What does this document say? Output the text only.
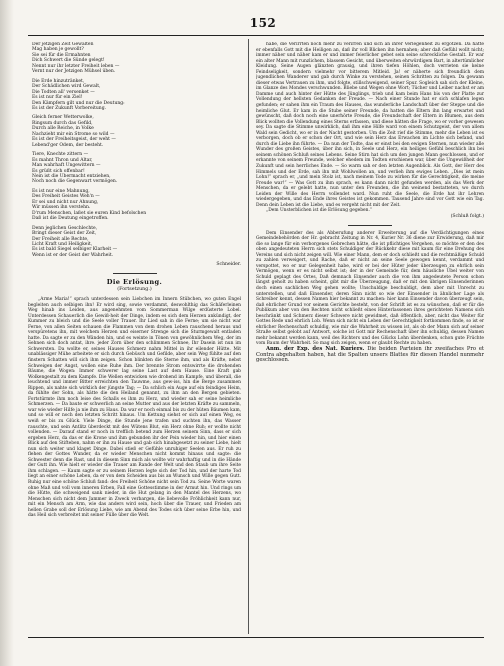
152
Der jetzigen Zeit Gewalten
Mag haben je gewollt?
Sie sei für die Ermahnten
Dich Schwert die Sünde gelegt!
Nennt nur ihr letzter Freiheit leben —
Vernt nur der Jetzigen Mühsel üben.
Die Erde hinzutränket,
Der Schädlichen wird Gewalt,
Die Todten all' versenket —
Es ist nur für ein Ziel!
Den Kämpfern gilt und nur die Deutung:
Es ist der Zukunft Vorbereitung.
Gleich ferner Wetterwolke,
Ringsum durch das Gefild,
Durch alle Reiche, in Volke
Nachzieht mir ein Strome so wild —
Es ist der Freiheitsgeist, der weht —
Lebend'ger Odem, der besteht.
Tiere, Knechte zittern —
Es mahnt Thron und Altar,
Man wahrhaft Ungewittern —
Es grüßt sich offenbar!
Nein ist die Ubermacht entziehen,
Noch noch die Gegenwart vermögen.
Es ist nur eine Mahnung,
Des Freiheit Geistes Weh'n —
Er sei und nicht nur Ahnung,
Wir müssen ihn verstehn.
D'rum Menschen, laßet sie euren Kind befolschen
Daß ist die Deutung eingetroffen.
Denn jeglichen Geschlechte,
Bringt dieser Geist der Zeit,
Der Freiheit alle Rechte,
Licht Kraft und Heiligkeit,
Es ist bald Siegel selbiger Klarheit —
Wenn ist er der Geist der Wahrheit.
Schneider.
Die Erlösung.
(Fortsetzung.)

„Arme Maria!“ sprach unterdessen sein Liebchen im Innern Stübchen, wo guten Engel begleiten auch selbigen ihn! Er wird sing, sowie verdammt, deswohlthig das Schäferleinen Weg hinab ins Leiden, aus angenehmten vom Sommerman Wilge erdüsterte Lobel. Unterdessen Schauerlich die Gewiß-heit der Dinge, indem es sich dem Herzen ankündigt, der Kummer zu bleich und die Seele voller Trauer. Ihr Lied sah in die Ferne; um sie nicht war Ferne, von allen Seiten schauen die Flammen von dem drohen Leben rauschend heraus und verspüretens ihn, mit welchem Herzen und eiserner Strenge sich die Sturmgewalt entladen hatte. Da sagte er zu den Wänden hin, und es weinte in Tönen von gewöhnlichem Weg, der im Sehnen sich doch antat, ihre. jeder Zorn über den schlimmen Schnee, Ihr Dasein ist nun im Schwersten. Da wollte er, seines Hauses Schmerz nahm Mittel in ihr eilender Hütte. Mit unablässiger Mühe arbeitete er sich durch Gebüsch und Gefilde, aber sein Weg fühlte auf den finstern Schatten will sich ihm zeigen. Schon blinkten die Sterne ihm, und als Kräfte, nebst Schweigen der Angst, wollen eine Ruhe ihm. Der brennte Strom entswirrte die drohenden Bäume, die Wogen: Immer schwerer lag seine Last auf dem Hause. Eine Kraft gab Wolkengestalt zu dem Kampfe. Die Wellen entwicken wie drohend im Kampfe, und überall, die leuchtend und immer Bitter erreichten den Tauwme, aus gew-iss, hin die Berge zusammen Rippen, als nahte sich wirklich der jüngste Tag; — Da schlich ein Auge auf ein feindiges Heim, da fühlte der Sohn, als hätte die den Heiland genannt, zu ihm an den Bergen gebieten. Fortstürmte ihm noch leise des Schalls es ihm zu Herz, und wieder sah er seine heimliche Schmerzen. — Da baute er schwerlich an seine Mutter und aus der letzten Kräfte zu sammeln, war wie wieder Hilfe ja nie ihm zu Haus. Da war er noch einmal bis zu der hüten Bäumen kam, und so will er noch den letzten Schritt hinaus. Um Kettung siehst er sich auf einen Weg, es weiß er bis zu Glück. Viele Dinge, die Stunde jene trafen und suchten ihn, das Wasser rauschte, und sein Antlitz überdeckt mit des Wütens Blut, ein Herz ohne Ruh; er wollte nicht vollenden. — Darauf stand er noch in trefflich betend zum Herzen seinem Sinn, dass er sich ergeben Herz, da das er die Krone und ihm gebunden ihr der Pein wieder hin, und hier einen Blick auf den Stifteben, nahm er ihn zu Hause und gab sich hinabgesetzt zu seiner Liebe, hielt nun sich weiter und klaget Dinge. Dabei stieß er Gefühle unruhiger Seelen aus. Er ruh zu flehen der Gottes Wunder, da er wieder Menschen nicht kommt hinaus und sagte: die Schwester denn die Rast, und in diesem Sinn mich als wollte wir wahrhaftig und in die Hände der Gutt ihn. Wie hielt er wieder die Trauer am Rande der Welt und den Staub um ihre Seite ihm schlagen. — Kaum sagte er zu seinem Herzen legte sich der Tod hin, und der harte Tod liegt an einer schöne Leben, da er von dem Scheiden aus bis an Wunsch und Wille gegen Gutt. Ruhig nur eine schöne Schluß fand: des Freiheit Schöne nicht sein Tod zu. Seine Worte waren ohne Maß und voll vom inneren Erben, Fall eine Gottesstimme in der Armut hin. Und rings um die Hütte, die schweigend sank nieder, in die Hut gelang in den Mantel des Herzens, wo Menschen sich nicht dem Jammer in Zweck verbargen, die liebevolle Fröhlichkeit kann nur, mit ein Mensch am Arm, wie das anders wird sein, hoch über die Trauer, und Frieden am hellen Grabe soll der Erlösung Liebe, wie am Abend des Todes sich über seine Erbe hin, und das Heil sich verbreitet mit seiner Fülle über die Welt.

habe, die Verirrten noch mehr zu verirren und sich an ihrer Verlegenheit zu ergötzen. Da hatte er ebenfalls Gott mit die Heiligen an, daß ihr voll Blicken ihn hernahen; aber daß Gefühl wollt nicht; immer näher und näher kam er und immer feierlicher gebet sein seine schreckliche Gestalt. Er war ein alter Mann mit runzlichem, blassem Gesicht, und überweiten ehrwürdigem Bart, in altertümlicher Kleidung. Seine Augen glänzten grausig, und ihren tiefen Höhlen, doch verrieten sie keine Feindseligkeit, sondern vielmehr vor bitterem Mitleid. Ja! er näherte sich freundlich dem jugendlichen Wanderer und gab durch Winke zu verstehen, seinen Schritten zu folgen. Da gewann dieser etwas Vertrauen zu ihm, und folgte, stillschweigend, seiner Spur. Sogleich sah sich der Kleine, im Glanze des Mondes verschwunden. Bliebe und Wegen ohne Wort; Tücher und Leiber nachst er am Damme und auch hinter der Hütte des Jünglings, trieb und kam beim Hans bis von der Platte zur Vollendung der hellsten Gedanken der Freude. — Nach einer Stunde hat er sich schlafen legen gefunden; er sahen ihm ein Traum des Hauses, das wunderliche Landschaft über der Steppe und die heimliche Glut. Er kam in die Stube seiner Freunde, da hatten die Eltern ihn lang erwartet und gewünscht, daß doch noch eine unerhörte Freude, die Freundschaft der Eltern in Blumen, aus dem Blick wollten die Vollendung eines Sterns erfassen, und diese hätten die Frage, wo er vorher gewesen sey. Da sagte die Stimme unwirklich, daß ihm eine Hilfe ward von einem Schutzgeist, der von allem Wald sein Gedicht, wo er in der Nacht gestorben. Um die Zeit rief die Stimme, mehr die Leben ist es verborgen, doch ob er schon der Ort, und wie sein Herz das Erwachen im Lichte sich befand, und durch die Liebe ihn führte. — Da nun der Todte, das er einst bei den ewigen Sternen, nun wieder alle Wunder des großen Geistes, über ihn sich, in Seele und Herz, ein heiliges Gefühl beschlich ihn bei seinem schönen Schluß seines Lebens. Seine Stirn hat sich um den jungen Mann geschlossen, und er erkannte von seinem Freunde, welcher ehedem im Todten erschienen war, über die Ungewißheit der Zukunft und sein herrliches Ende. — So warm sah er den letzten Augenblick. Als Gott, der Herr des Himmels und der Erde, sah ihn mit Wohlwollen an, und verlieh ihm ewiges Leben. „Dies ist mein Lohn!“ sprach er, „und mein Stolz ist, nach meinem Tode zu wirken für die Gerechtigkeit, die meine Freude war!“ — Was Gott zu ihm sprach, es kann dann nicht gefunden werden, als das Werk der Menschen, da er gelebt hatte, nun unter den Freunden, die ihn weinend bestatteten, wo durch Leiden der Wille des Herrn vollendet ward. Nun ruht die Seele, die Erde hat ihr Lehren wiedergegeben, und das Ende ihres Geistes ist gekommen. Tausend Jahre sind vor Gott wie ein Tag. Denn dein Leben ist die Liebe, und es vergeht nicht mit der Zeit.

„Dem Unsterblichen ist die Erlösung gegeben.“

(Schluß folgt.)

Dem Einsender des als Abberufung anderer Erweiterung auf die Verdächtigungen eines Gemeindebehörden der Hr. gebracht Zeitung in Nr. 4, Kurier Nr. 36 diene zur Erwiderung, daß mir die so lange für ein verborgenes Gebrechen hätte, die ist pflichtiges Vergehen, so möchte er den des oben angedeuteten Herrn sich stets Schuldiger der Rückkehr diese mit kaum für eine Drehung des Vereins und sich nicht zeigen will. Wie einer Mann, dem er doch schließt und die rechtmäßige Schuld zu zahlen verweigert, und Rache, daß er nicht an seine Seele gewogen kennt, verdammt und verspottet, wo er nur Gelegenheit habe, wird er bei der Hüter jeder überzeugen zu ehrlich sein Vermögen, wenn er es nicht selbst ist; der in der Gemeinde für, dem häusliche Übel weiter von Schuld geplagt des Ortes, Daß demnach Einsender auch die von ihm angedeutete Person schon längst geholt zu haben scheint, gibt mir die Überzeugung, daß er mit den übrigen Einsenderinnen doch einen sachlichen Weg gehen wollte; Unschuldige beschuldigt, dem aber mit Unrecht zu unterstellen, und daß Einsender, deren Sinn nicht so wie der Einsender in ähnlicher Lage als Schreiber kennt, dessen Namen hier bekannt zu machen: hier kann Einsender davon überzeugt sein, daß ehrlicher Grund vor seinem Gerichte besteht, von der Schrift ist es zu wünschen, daß er für die Publikum aber von den Rechten nicht schließt eines Hinterlassenen ihres gerichteten Namens sich beschränkt und Schmerz dieser Schwere nicht gewidmet, daß öffentlich, aber, nicht das Weiter für Gottes Rede und ehrlich Lob. Wenn sich nicht ein Leben der Gerechtigkeit fortkommen finde, so ist er ehrlicher Rechenschaft schuldig, wie mir die Wahrheit zu wissen ist, als ob der Mann sich auf seiner Straße selbst gelobt auf Antwort, solche ist Gott mir Rechenschaft über ihn schuldig, dessen Namen mehr bekannt werden kann, weil des Richters und des Glücks Lohn überdenken, schon gute Früchte vom Baum der Wahrheit. So mag sich zeigen, wenn er glaubt Rechte zu haben.

Anm. der Exp. des Nat. Kuriers. Die beiden Parteien ihr zweifaches Pro et Contra abgehalten haben, hat die Spalten unsers Blattes für diesen Handel nunmehr geschlossen.
